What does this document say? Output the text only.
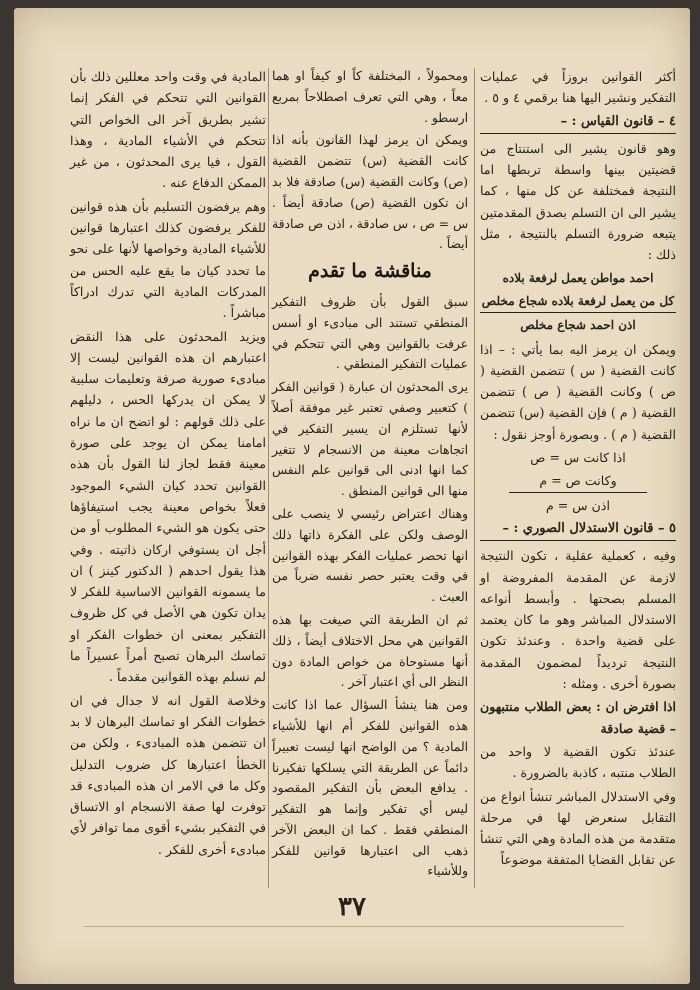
أكثر القوانين بروزاً في عمليات التفكير ونشير اليها هنا برقمي ٤ و ٥ .

٤ – قانون القياس : –

وهو قانون يشير الى استنتاج من قضيتين بينها واسطة تربطها اما النتيجة فمختلفة عن كل منها ، كما يشير الى ان التسلم بصدق المقدمتين يتبعه ضرورة التسلم بالنتيجة ، مثل ذلك :

احمد مواطن يعمل لرفعة بلاده
كل من يعمل لرفعة بلاده شجاع مخلص
اذن احمد شجاع مخلص

ويمكن ان يرمز اليه بما يأتي : – اذا كانت القضية ( س ) تتضمن القضية ( ص ) وكانت القضية ( ص ) تتضمن القضية ( م ) فإن القضية (س) تتضمن القضية ( م ) . وبصورة أوجز نقول :

اذا كانت س = ص
وكانت ص = م
اذن س = م
٥ – قانون الاستدلال الصوري : –

وفيه ، كعملية عقلية ، تكون النتيجة لازمة عن المقدمة المفروضة او المسلم بصحتها . وأبسط أنواعه الاستدلال المباشر وهو ما كان يعتمد على قضية واحدة . وعندئذ تكون النتيجة ترديداً لمضمون المقدمة بصورة أخرى . ومثله :

اذا افترض ان : بعض الطلاب منتبهون – قضية صادقة

عندئذ تكون القضية لا واحد من الطلاب منتبه ، كاذبة بالضرورة .

وفي الاستدلال المباشر تنشأ انواع من التقابل سنعرض لها في مرحلة متقدمة من هذه المادة وهي التي تنشأ عن تقابل القضايا المتفقة موضوعاً

ومحمولاً ، المختلفة كاً او كيفاً او هما معاً ، وهي التي تعرف اصطلاحاً بمربع ارسطو .

ويمكن ان يرمز لهذا القانون بأنه اذا كانت القضية (س) تتضمن القضية (ص) وكانت القضية (س) صادقة فلا بد ان تكون القضية (ص) صادقة أيضاً . س = ص ، س صادقة ، اذن ص صادقة أيضاً .

مناقشة ما تقدم

سبق القول بأن ظروف التفكير المنطقي تستند الى مبادىء او أسس عرفت بالقوانين وهي التي تتحكم في عمليات التفكير المنطقي .

يرى المحدثون ان عبارة ( قوانين الفكر ) كتعبير وصفي تعتبر غير موفقة أصلاً لأنها تستلزم ان يسير التفكير في اتجاهات معينة من الانسجام لا تتغير كما انها ادنى الى قوانين علم النفس منها الى قوانين المنطق .

وهناك اعتراض رئيسي لا ينصب على الوصف ولكن على الفكرة ذاتها ذلك انها تحصر عمليات الفكر بهذه القوانين في وقت يعتبر حصر نفسه ضرباً من العبث .

ثم ان الطريقة التي صيغت بها هذه القوانين هي محل الاختلاف أيضاً ، ذلك أنها مستوحاة من خواص المادة دون النظر الى أي اعتبار آخر .

ومن هنا ينشأ السؤال عما اذا كانت هذه القوانين للفكر أم انها للأشياء المادية ؟ من الواضح انها ليست تعبيراً دائماً عن الطريقة التي يسلكها تفكيرنا . يدافع البعض بأن التفكير المقصود ليس أي تفكير وإنما هو التفكير المنطقي فقط . كما ان البعض الآخر ذهب الى اعتبارها قوانين للفكر وللأشياء

المادية في وقت واحد معللين ذلك بأن القوانين التي تتحكم في الفكر إنما تشير بطريق آخر الى الخواص التي تتحكم في الأشياء المادية ، وهذا القول ، فيا يرى المحدثون ، من غير الممكن الدفاع عنه .

وهم يرفضون التسليم بأن هذه قوانين للفكر يرفضون كذلك اعتبارها قوانين للأشياء المادية وخواصها لأنها على نحو ما تحدد كيان ما يقع عليه الحس من المدركات المادية التي تدرك ادراكاً مباشراً .

ويزيد المحدثون على هذا النقض اعتبارهم ان هذه القوانين ليست إلا مبادىء صورية صرفة وتعليمات سلبية لا يمكن ان يدركها الحس ، دليلهم على ذلك قولهم : لو اتضح ان ما نراه امامنا يمكن ان يوجد على صورة معينة فقط لجاز لنا القول بأن هذه القوانين تحدد كيان الشيء الموجود فعلاً بخواص معينة يجب استيفاؤها حتى يكون هو الشيء المطلوب أو من أجل ان يستوفي اركان ذاتيته . وفي هذا يقول احدهم ( الدكتور كينز ) ان ما يسمونه القوانين الاساسية للفكر لا يدان تكون هي الأصل في كل ظروف التفكير بمعنى ان خطوات الفكر او تماسك البرهان تصبح أمراً عسيراً ما لم نسلم بهذه القوانين مقدماً .

وخلاصة القول انه لا جدال في ان خطوات الفكر او تماسك البرهان لا بد ان تتضمن هذه المبادىء ، ولكن من الخطأ اعتبارها كل ضروب التدليل وكل ما في الامر ان هذه المبادىء قد توفرت لها صفة الانسجام او الاتساق في التفكير بشيء أقوى مما توافر لأي مبادىء أخرى للفكر .

٣٧
